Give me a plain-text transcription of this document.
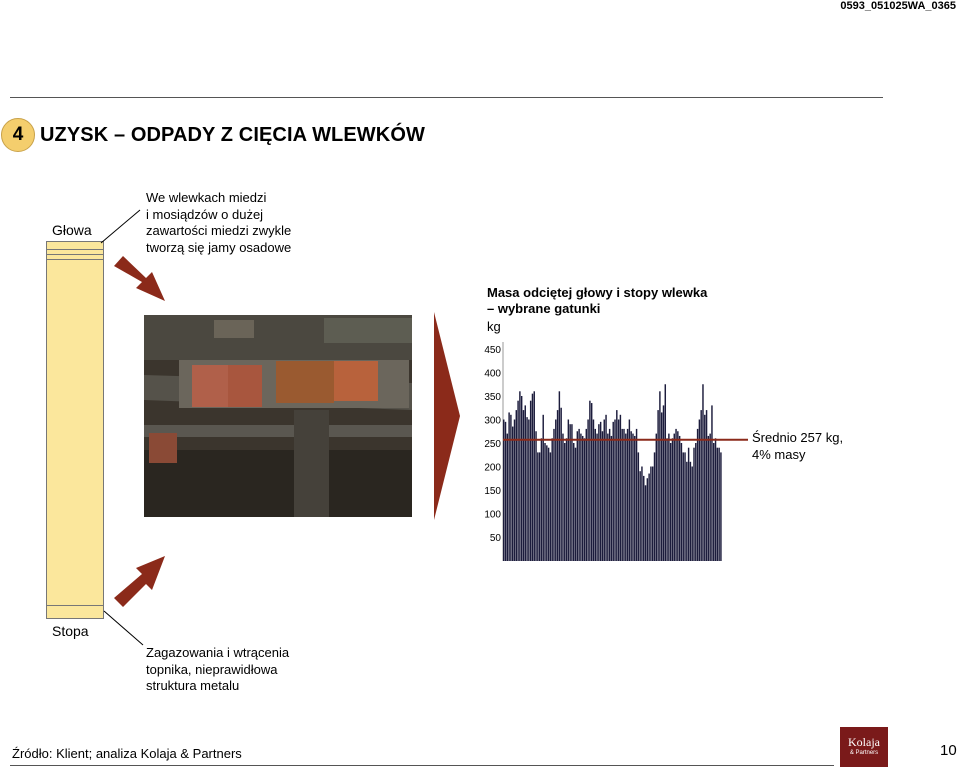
0593_051025WA_0365
4 UZYSK – ODPADY Z CIĘCIA WLEWKÓW
Głowa
Stopa
We wlewkach miedzi
i mosiądzów o dużej
zawartości miedzi zwykle
tworzą się jamy osadowe
Zagazowania i wtrącenia
topnika, nieprawidłowa
struktura metalu
Masa odciętej głowy i stopy wlewka
– wybrane gatunki
kg
450
400
350
300
250
200
150
100
50
Średnio 257 kg,
4% masy
Źródło: Klient; analiza Kolaja & Partners
Kolaja
& Partners	10
